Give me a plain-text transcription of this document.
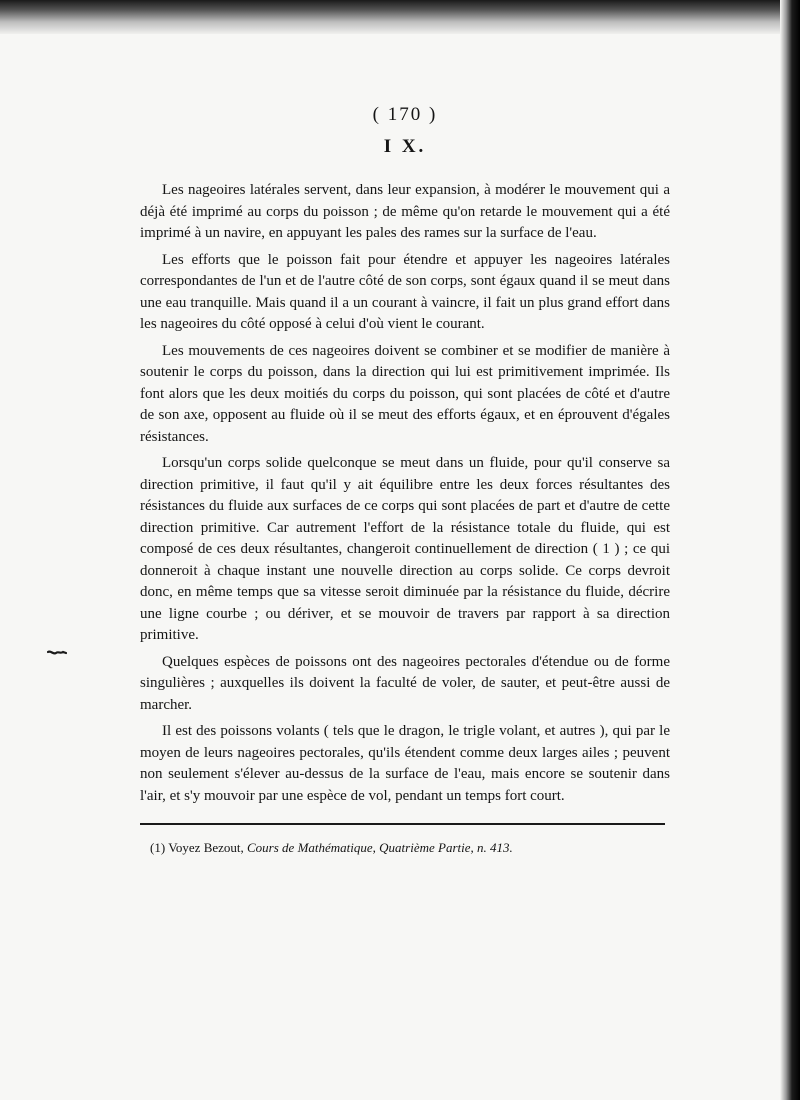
( 170 )
I X.

Les nageoires latérales servent, dans leur expansion, à modérer le mouvement qui a déjà été imprimé au corps du poisson ; de même qu'on retarde le mouvement qui a été imprimé à un navire, en appuyant les pales des rames sur la surface de l'eau.

Les efforts que le poisson fait pour étendre et appuyer les nageoires latérales correspondantes de l'un et de l'autre côté de son corps, sont égaux quand il se meut dans une eau tranquille. Mais quand il a un courant à vaincre, il fait un plus grand effort dans les nageoires du côté opposé à celui d'où vient le courant.

Les mouvements de ces nageoires doivent se combiner et se modifier de manière à soutenir le corps du poisson, dans la direction qui lui est primitivement imprimée. Ils font alors que les deux moitiés du corps du poisson, qui sont placées de côté et d'autre de son axe, opposent au fluide où il se meut des efforts égaux, et en éprouvent d'égales résistances.

Lorsqu'un corps solide quelconque se meut dans un fluide, pour qu'il conserve sa direction primitive, il faut qu'il y ait équilibre entre les deux forces résultantes des résistances du fluide aux surfaces de ce corps qui sont placées de part et d'autre de cette direction primitive. Car autrement l'effort de la résistance totale du fluide, qui est composé de ces deux résultantes, changeroit continuellement de direction ( 1 ) ; ce qui donneroit à chaque instant une nouvelle direction au corps solide. Ce corps devroit donc, en même temps que sa vitesse seroit diminuée par la résistance du fluide, décrire une ligne courbe ; ou dériver, et se mouvoir de travers par rapport à sa direction primitive.

Quelques espèces de poissons ont des nageoires pectorales d'étendue ou de forme singulières ; auxquelles ils doivent la faculté de voler, de sauter, et peut-être aussi de marcher.

Il est des poissons volants ( tels que le dragon, le trigle volant, et autres ), qui par le moyen de leurs nageoires pectorales, qu'ils étendent comme deux larges ailes ; peuvent non seulement s'élever au-dessus de la surface de l'eau, mais encore se soutenir dans l'air, et s'y mouvoir par une espèce de vol, pendant un temps fort court.

(1) Voyez Bezout, Cours de Mathématique, Quatrième Partie, n. 413.
